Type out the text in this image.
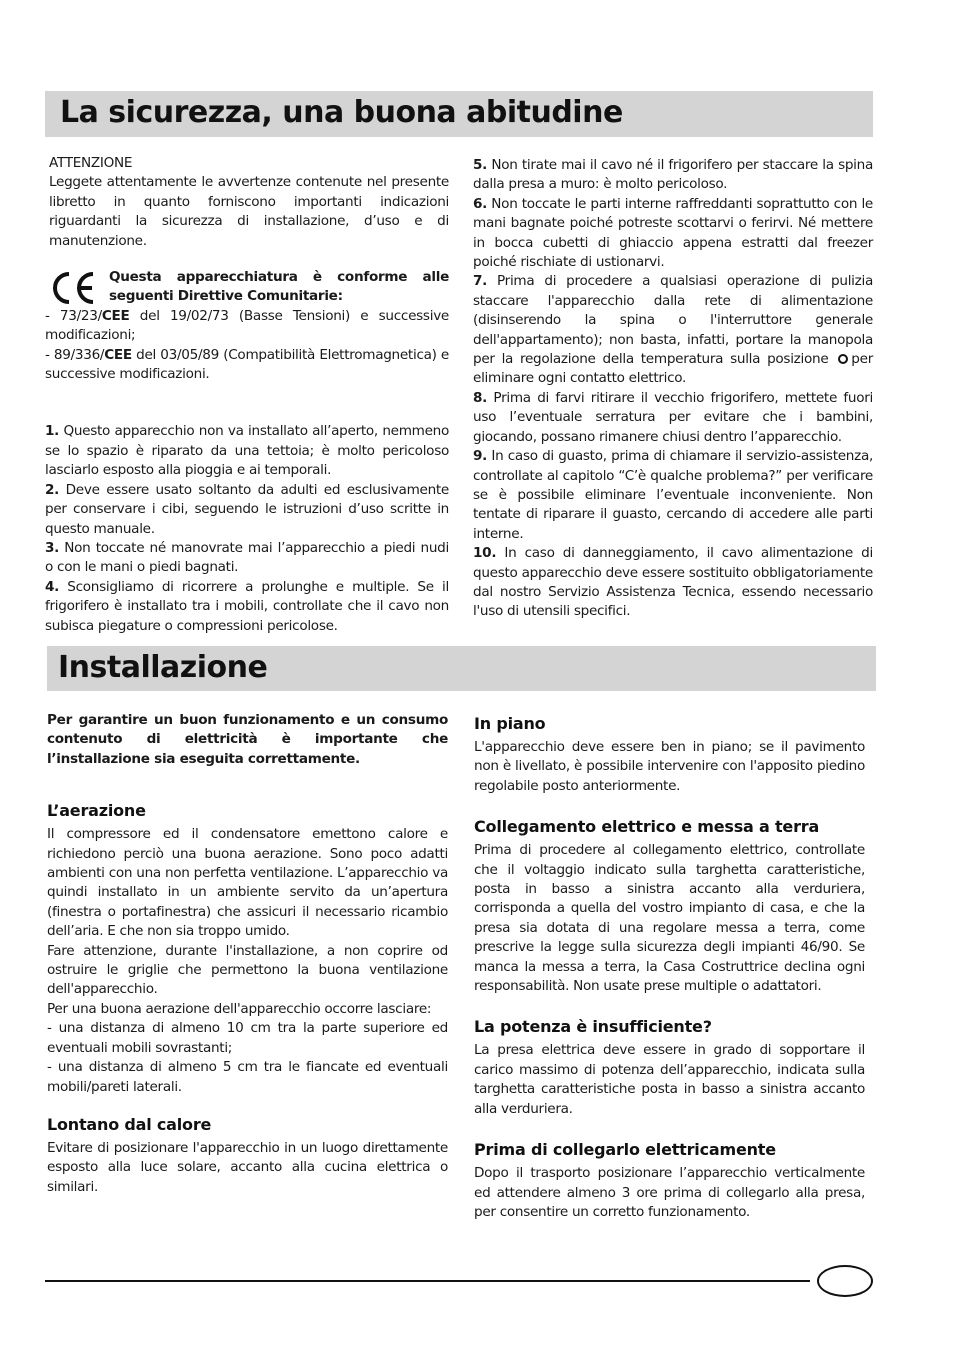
La sicurezza, una buona abitudine

ATTENZIONE

Leggete attentamente le avvertenze contenute nel presente libretto in quanto forniscono importanti indicazioni riguardanti la sicurezza di installazione, d’uso e di manutenzione.

Questa apparecchiatura è conforme alle seguenti Direttive Comunitarie:

- 73/23/CEE del 19/02/73 (Basse Tensioni) e successive modificazioni;

- 89/336/CEE del 03/05/89 (Compatibilità Elettromagnetica) e successive modificazioni.

1. Questo apparecchio non va installato all’aperto, nemmeno se lo spazio è riparato da una tettoia; è molto pericoloso lasciarlo esposto alla pioggia e ai temporali.

2. Deve essere usato soltanto da adulti ed esclusivamente per conservare i cibi, seguendo le istruzioni d’uso scritte in questo manuale.

3. Non toccate né manovrate mai l’apparecchio a piedi nudi o con le mani o piedi bagnati.

4. Sconsigliamo di ricorrere a prolunghe e multiple. Se il frigorifero è installato tra i mobili, controllate che il cavo non subisca piegature o compressioni pericolose.

5. Non tirate mai il cavo né il frigorifero per staccare la spina dalla presa a muro: è molto pericoloso.

6. Non toccate le parti interne raffreddanti soprattutto con le mani bagnate poiché potreste scottarvi o ferirvi. Né mettere in bocca cubetti di ghiaccio appena estratti dal freezer poiché rischiate di ustionarvi.

7. Prima di procedere a qualsiasi operazione di pulizia staccare l'apparecchio dalla rete di alimentazione (disinserendo la spina o l'interruttore generale dell'appartamento); non basta, infatti, portare la manopola per la regolazione della temperatura sulla posizione per eliminare ogni contatto elettrico.

8. Prima di farvi ritirare il vecchio frigorifero, mettete fuori uso l’eventuale serratura per evitare che i bambini, giocando, possano rimanere chiusi dentro l’apparecchio.

9. In caso di guasto, prima di chiamare il servizio-assistenza, controllate al capitolo “C’è qualche problema?” per verificare se è possibile eliminare l’eventuale inconveniente. Non tentate di riparare il guasto, cercando di accedere alle parti interne.

10. In caso di danneggiamento, il cavo alimentazione di questo apparecchio deve essere sostituito obbligatoriamente dal nostro Servizio Assistenza Tecnica, essendo necessario l'uso di utensili specifici.

Installazione

Per garantire un buon funzionamento e un consumo contenuto di elettricità è importante che l’installazione sia eseguita correttamente.

L’aerazione

Il compressore ed il condensatore emettono calore e richiedono perciò una buona aerazione. Sono poco adatti ambienti con una non perfetta ventilazione. L’apparecchio va quindi installato in un ambiente servito da un’apertura (finestra o portafinestra) che assicuri il necessario ricambio dell’aria. E che non sia troppo umido.

Fare attenzione, durante l'installazione, a non coprire od ostruire le griglie che permettono la buona ventilazione dell'apparecchio.

Per una buona aerazione dell'apparecchio occorre lasciare:

- una distanza di almeno 10 cm tra la parte superiore ed eventuali mobili sovrastanti;

- una distanza di almeno 5 cm tra le fiancate ed eventuali mobili/pareti laterali.

Lontano dal calore

Evitare di posizionare l'apparecchio in un luogo direttamente esposto alla luce solare, accanto alla cucina elettrica o similari.

In piano

L'apparecchio deve essere ben in piano; se il pavimento non è livellato, è possibile intervenire con l'apposito piedino regolabile posto anteriormente.

Collegamento elettrico e messa a terra

Prima di procedere al collegamento elettrico, controllate che il voltaggio indicato sulla targhetta caratteristiche, posta in basso a sinistra accanto alla verduriera, corrisponda a quella del vostro impianto di casa, e che la presa sia dotata di una regolare messa a terra, come prescrive la legge sulla sicurezza degli impianti 46/90. Se manca la messa a terra, la Casa Costruttrice declina ogni responsabilità. Non usate prese multiple o adattatori.

La potenza è insufficiente?

La presa elettrica deve essere in grado di sopportare il carico massimo di potenza dell’apparecchio, indicata sulla targhetta caratteristiche posta in basso a sinistra accanto alla verduriera.

Prima di collegarlo elettricamente

Dopo il trasporto posizionare l’apparecchio verticalmente ed attendere almeno 3 ore prima di collegarlo alla presa, per consentire un corretto funzionamento.
